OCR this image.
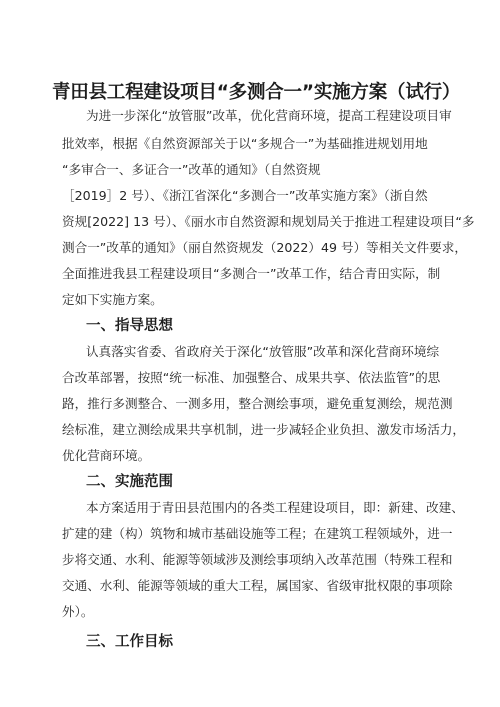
青田县工程建设项目“多测合一”实施方案（试行）
为进一步深化“放管服”改革，优化营商环境，提高工程建设项目审
批效率，根据《自然资源部关于以“多规合一”为基础推进规划用地
“多审合一、多证合一”改革的通知》（自然资规
［2019］2 号）、《浙江省深化“多测合一”改革实施方案》（浙自然
资规[2022] 13 号）、《丽水市自然资源和规划局关于推进工程建设项目“多
测合一”改革的通知》（丽自然资规发（2022）49 号）等相关文件要求，
全面推进我县工程建设项目“多测合一”改革工作，结合青田实际，制
定如下实施方案。
一、指导思想
认真落实省委、省政府关于深化“放管服”改革和深化营商环境综
合改革部署，按照“统一标准、加强整合、成果共享、依法监管”的思
路，推行多测整合、一测多用，整合测绘事项，避免重复测绘，规范测
绘标准，建立测绘成果共享机制，进一步减轻企业负担、激发市场活力，
优化营商环境。
二、实施范围
本方案适用于青田县范围内的各类工程建设项目，即：新建、改建、
扩建的建（构）筑物和城市基础设施等工程；在建筑工程领域外，进一
步将交通、水利、能源等领域涉及测绘事项纳入改革范围（特殊工程和
交通、水利、能源等领域的重大工程，属国家、省级审批权限的事项除
外）。
三、工作目标
